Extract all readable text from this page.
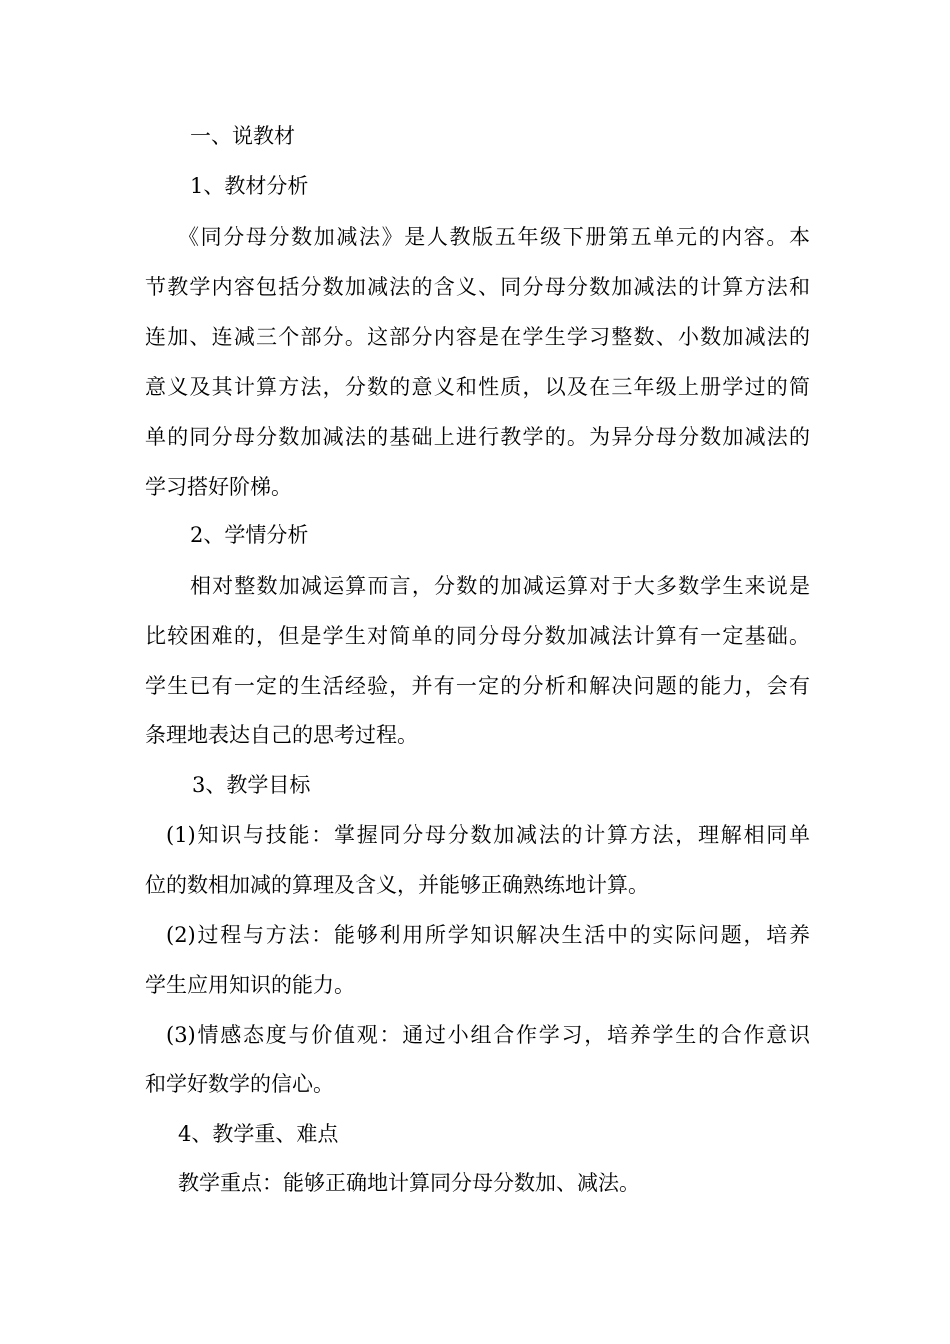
一、说教材
1、教材分析
《同分母分数加减法》是人教版五年级下册第五单元的内容。本
节教学内容包括分数加减法的含义、同分母分数加减法的计算方法和
连加、连减三个部分。这部分内容是在学生学习整数、小数加减法的
意义及其计算方法，分数的意义和性质，以及在三年级上册学过的简
单的同分母分数加减法的基础上进行教学的。为异分母分数加减法的
学习搭好阶梯。
2、学情分析
相对整数加减运算而言，分数的加减运算对于大多数学生来说是
比较困难的，但是学生对简单的同分母分数加减法计算有一定基础。
学生已有一定的生活经验，并有一定的分析和解决问题的能力，会有
条理地表达自己的思考过程。
3、教学目标
(1)知识与技能：掌握同分母分数加减法的计算方法，理解相同单
位的数相加减的算理及含义，并能够正确熟练地计算。
(2)过程与方法：能够利用所学知识解决生活中的实际问题，培养
学生应用知识的能力。
(3)情感态度与价值观：通过小组合作学习，培养学生的合作意识
和学好数学的信心。
4、教学重、难点
教学重点：能够正确地计算同分母分数加、减法。
